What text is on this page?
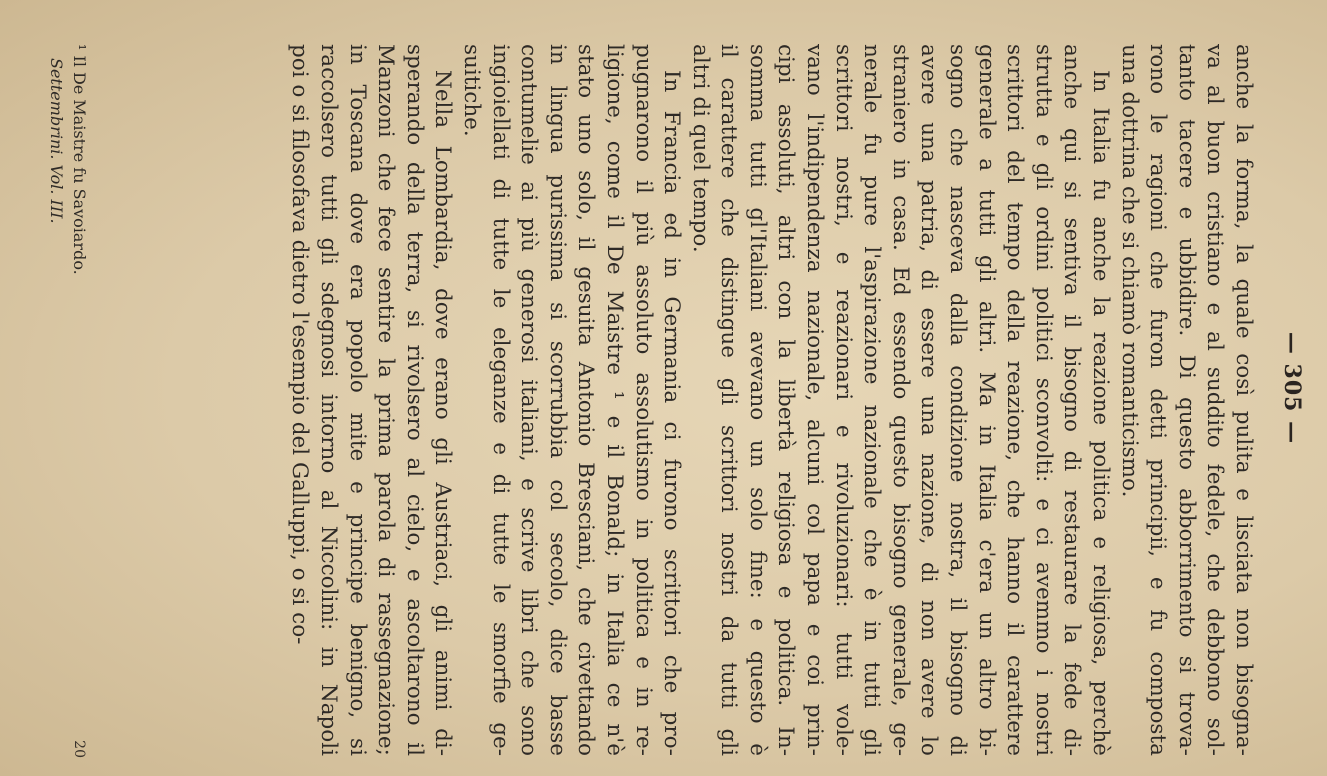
— 305 —
anche
la
forma,
la
quale
così
pulita
e
lisciata
non
bisogna-
va
al
buon
cristiano
e
al
suddito
fedele,
che
debbono
sol-
tanto
tacere
e
ubbidire.
Di
questo
abborrimento
si
trova-
rono
le
ragioni
che
furon
detti
principii,
e
fu
composta
una dottrina che si chiamò romanticismo.
In
Italia
fu
anche
la
reazione
politica
e
religiosa,
perchè
anche
qui
si
sentiva
il
bisogno
di
restaurare
la
fede
di-
strutta
e
gli
ordini
politici
sconvolti:
e
ci
avemmo
i
nostri
scrittori
del
tempo
della
reazione,
che
hanno
il
carattere
generale
a
tutti
gli
altri.
Ma
in
Italia
c'era
un
altro
bi-
sogno
che
nasceva
dalla
condizione
nostra,
il
bisogno
di
avere
una
patria,
di
essere
una
nazione,
di
non
avere
lo
straniero
in
casa.
Ed
essendo
questo
bisogno
generale,
ge-
nerale
fu
pure
l'aspirazione
nazionale
che
è
in
tutti
gli
scrittori
nostri,
e
reazionari
e
rivoluzionari:
tutti
vole-
vano
l'indipendenza
nazionale,
alcuni
col
papa
e
coi
prin-
cipi
assoluti,
altri
con
la
libertà
religiosa
e
politica.
In-
somma
tutti
gl'Italiani
avevano
un
solo
fine:
e
questo
è
il
carattere
che
distingue
gli
scrittori
nostri
da
tutti
gli
altri di quel tempo.
In
Francia
ed
in
Germania
ci
furono
scrittori
che
pro-
pugnarono
il
più
assoluto
assolutismo
in
politica
e
in
re-
ligione,
come
il
De
Maistre
¹
e
il
Bonald;
in
Italia
ce
n'è
stato
uno
solo,
il
gesuita
Antonio
Bresciani,
che
civettando
in
lingua
purissima
si
scorrubbia
col
secolo,
dice
basse
contumelie
ai
più
generosi
italiani,
e
scrive
libri
che
sono
ingioiellati
di
tutte
le
eleganze
e
di
tutte
le
smorfie
ge-
suitiche.
Nella
Lombardia,
dove
erano
gli
Austriaci,
gli
animi
di-
sperando
della
terra,
si
rivolsero
al
cielo,
e
ascoltarono
il
Manzoni
che
fece
sentire
la
prima
parola
di
rassegnazione;
in
Toscana
dove
era
popolo
mite
e
principe
benigno,
si
raccolsero
tutti
gli
sdegnosi
intorno
al
Niccolini:
in
Napoli
poi o si filosofava dietro l'esempio del Galluppi, o si co-
¹ Il De Maistre fu Savoiardo.
Settembrini. Vol. III.
20
